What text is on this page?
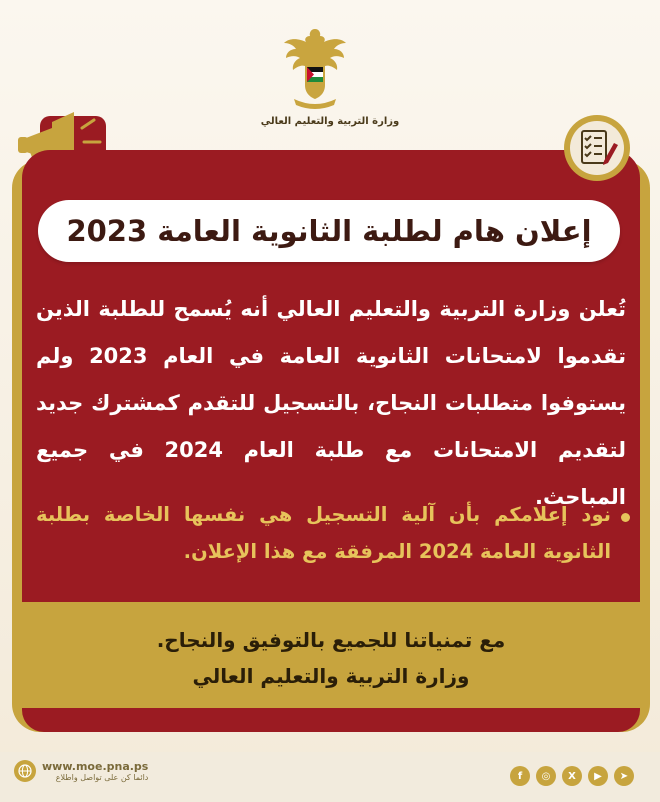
وزارة التربية والتعليم العالي
إعلان هام لطلبة الثانوية العامة 2023
تُعلن وزارة التربية والتعليم العالي أنه يُسمح للطلبة الذين تقدموا لامتحانات الثانوية العامة في العام 2023 ولم يستوفوا متطلبات النجاح، بالتسجيل للتقدم كمشترك جديد لتقديم الامتحانات مع طلبة العام 2024 في جميع المباحث.
نود إعلامكم بأن آلية التسجيل هي نفسها الخاصة بطلبة الثانوية العامة 2024 المرفقة مع هذا الإعلان.
مع تمنياتنا للجميع بالتوفيق والنجاح.
وزارة التربية والتعليم العالي
www.moe.pna.ps
دائما كن على تواصل واطلاع	f	◎	X	▶	➤
